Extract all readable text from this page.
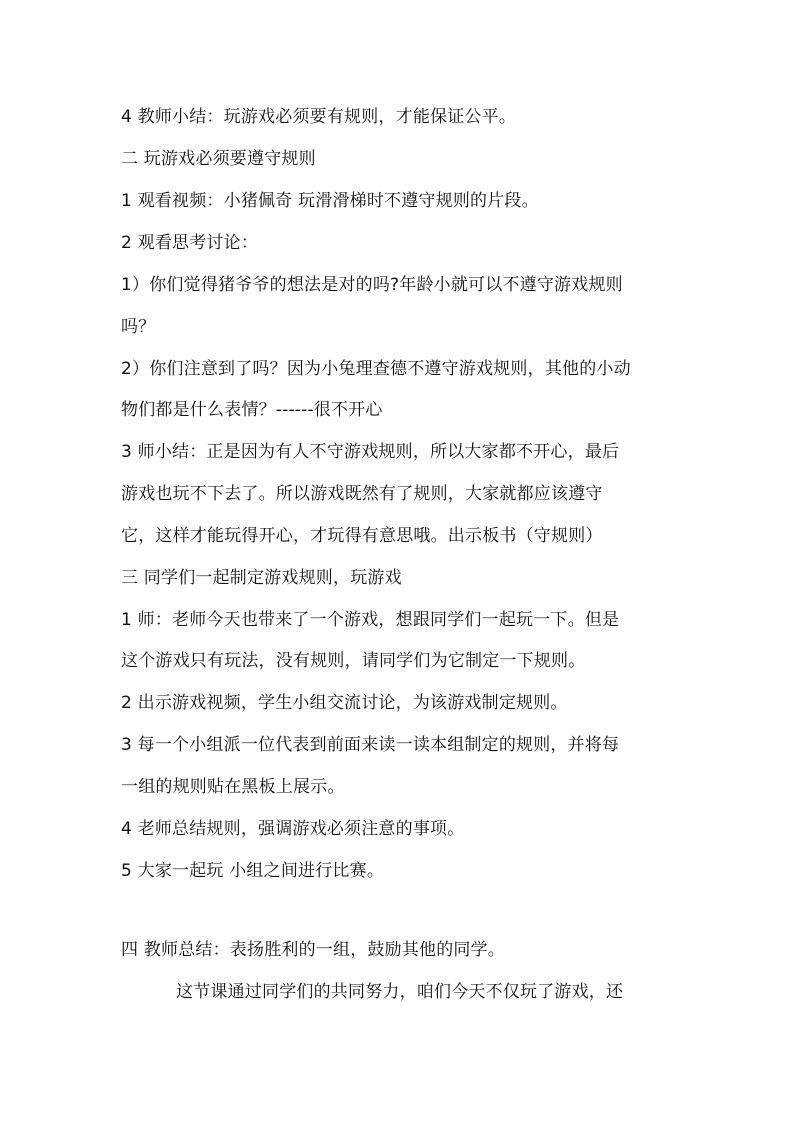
4 教师小结：玩游戏必须要有规则，才能保证公平。
二 玩游戏必须要遵守规则
1 观看视频：小猪佩奇 玩滑滑梯时不遵守规则的片段。
2 观看思考讨论：
1）你们觉得猪爷爷的想法是对的吗?年龄小就可以不遵守游戏规则
吗？
2）你们注意到了吗？因为小兔理查德不遵守游戏规则，其他的小动
物们都是什么表情？------很不开心
3 师小结：正是因为有人不守游戏规则，所以大家都不开心，最后
游戏也玩不下去了。所以游戏既然有了规则，大家就都应该遵守
它，这样才能玩得开心，才玩得有意思哦。出示板书（守规则）
三 同学们一起制定游戏规则，玩游戏
1 师：老师今天也带来了一个游戏，想跟同学们一起玩一下。但是
这个游戏只有玩法，没有规则，请同学们为它制定一下规则。
2 出示游戏视频，学生小组交流讨论，为该游戏制定规则。
3 每一个小组派一位代表到前面来读一读本组制定的规则，并将每
一组的规则贴在黑板上展示。
4 老师总结规则，强调游戏必须注意的事项。
5 大家一起玩 小组之间进行比赛。
四 教师总结：表扬胜利的一组，鼓励其他的同学。
这节课通过同学们的共同努力，咱们今天不仅玩了游戏，还
